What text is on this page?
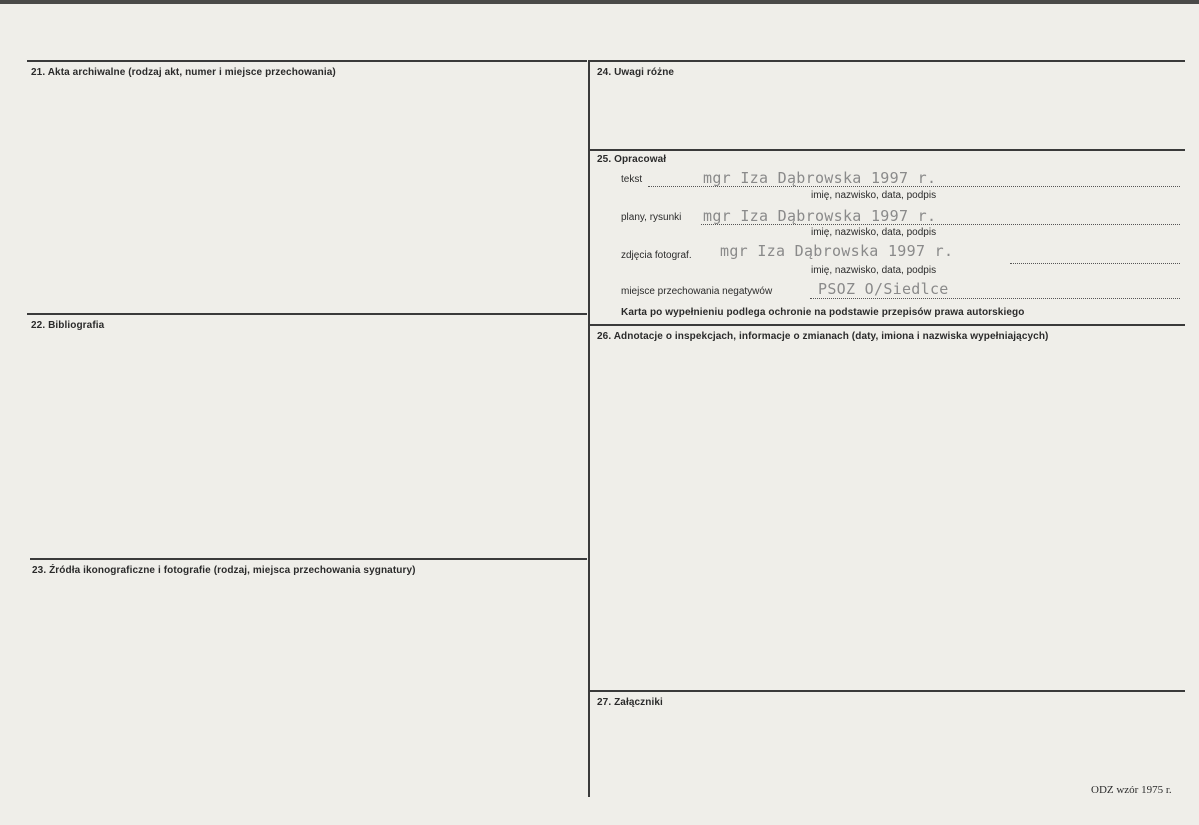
21. Akta archiwalne (rodzaj akt, numer i miejsce przechowania)
22. Bibliografia
23. Źródła ikonograficzne i fotografie (rodzaj, miejsca przechowania sygnatury)
24. Uwagi różne
25. Opracował
26. Adnotacje o inspekcjach, informacje o zmianach (daty, imiona i nazwiska wypełniających)
27. Załączniki
tekst	mgr Iza Dąbrowska 1997 r.
imię, nazwisko, data, podpis
plany, rysunki mgr Iza Dąbrowska 1997 r.
imię, nazwisko, data, podpis
zdjęcia fotograf. mgr Iza Dąbrowska 1997 r.
imię, nazwisko, data, podpis
miejsce przechowania negatywów	PSOZ O/Siedlce
Karta po wypełnieniu podlega ochronie na podstawie przepisów prawa autorskiego
ODZ wzór 1975 r.
